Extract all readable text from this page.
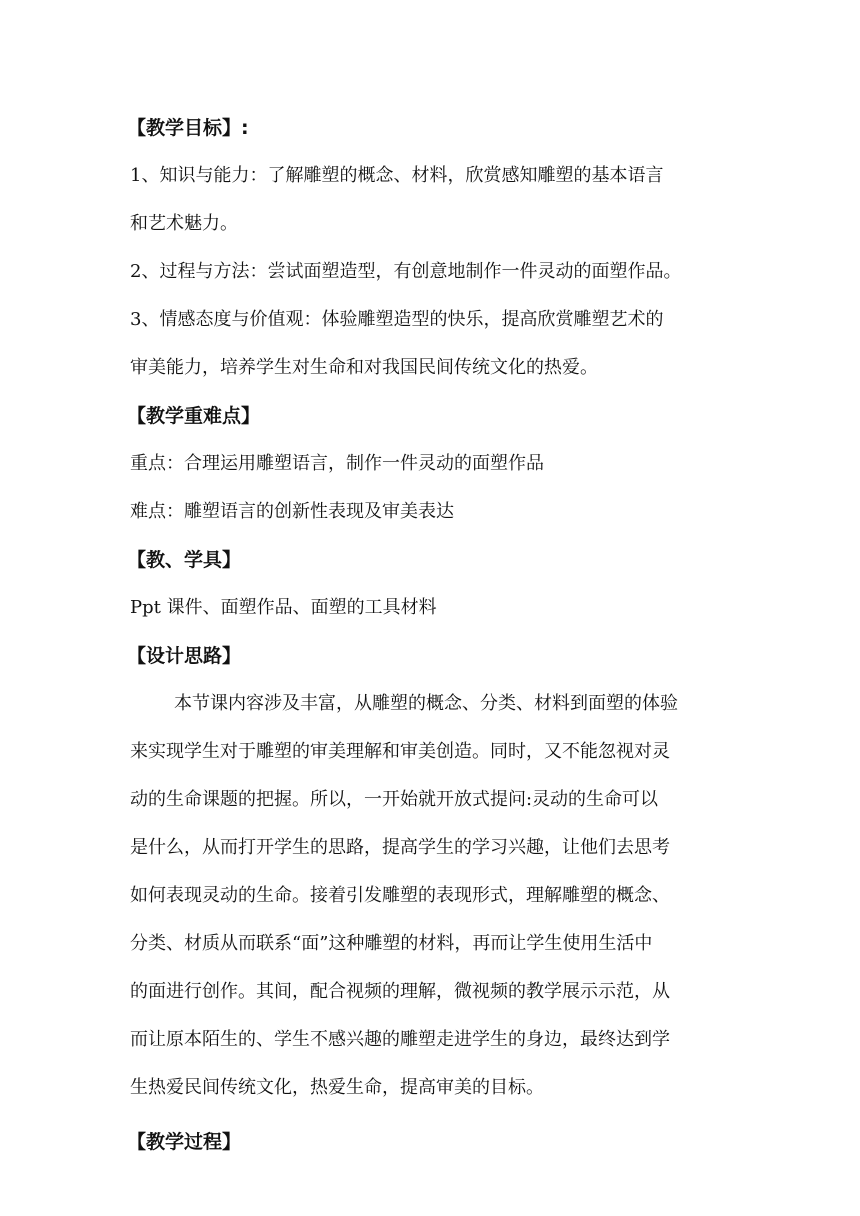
【教学目标】:
1、知识与能力：了解雕塑的概念、材料，欣赏感知雕塑的基本语言
和艺术魅力。
2、过程与方法：尝试面塑造型，有创意地制作一件灵动的面塑作品。
3、情感态度与价值观：体验雕塑造型的快乐，提高欣赏雕塑艺术的
审美能力，培养学生对生命和对我国民间传统文化的热爱。
【教学重难点】
重点：合理运用雕塑语言，制作一件灵动的面塑作品
难点：雕塑语言的创新性表现及审美表达
【教、学具】
Ppt 课件、面塑作品、面塑的工具材料
【设计思路】
本节课内容涉及丰富，从雕塑的概念、分类、材料到面塑的体验
来实现学生对于雕塑的审美理解和审美创造。同时，又不能忽视对灵
动的生命课题的把握。所以，一开始就开放式提问:灵动的生命可以
是什么，从而打开学生的思路，提高学生的学习兴趣，让他们去思考
如何表现灵动的生命。接着引发雕塑的表现形式，理解雕塑的概念、
分类、材质从而联系“面”这种雕塑的材料，再而让学生使用生活中
的面进行创作。其间，配合视频的理解，微视频的教学展示示范，从
而让原本陌生的、学生不感兴趣的雕塑走进学生的身边，最终达到学
生热爱民间传统文化，热爱生命，提高审美的目标。
【教学过程】
